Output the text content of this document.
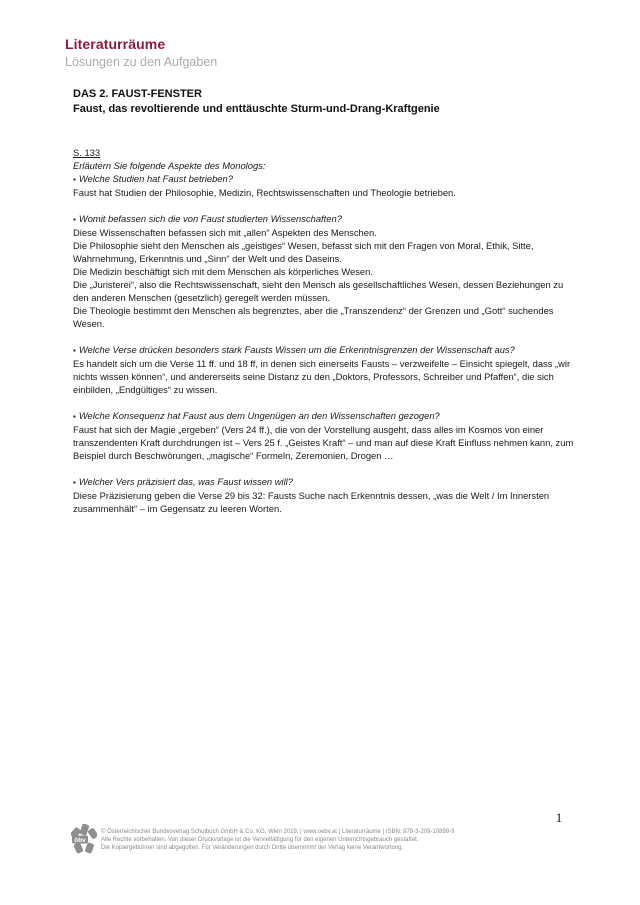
Literaturräume
Lösungen zu den Aufgaben
DAS 2. FAUST-FENSTER
Faust, das revoltierende und enttäuschte Sturm-und-Drang-Kraftgenie
S. 133
Erläutern Sie folgende Aspekte des Monologs:
▪ Welche Studien hat Faust betrieben?
Faust hat Studien der Philosophie, Medizin, Rechtswissenschaften und Theologie betrieben.
▪ Womit befassen sich die von Faust studierten Wissenschaften?
Diese Wissenschaften befassen sich mit „allen“ Aspekten des Menschen.
Die Philosophie sieht den Menschen als „geistiges“ Wesen, befasst sich mit den Fragen von Moral, Ethik, Sitte, Wahrnehmung, Erkenntnis und „Sinn“ der Welt und des Daseins.
Die Medizin beschäftigt sich mit dem Menschen als körperliches Wesen.
Die „Juristerei“, also die Rechtswissenschaft, sieht den Mensch als gesellschaftliches Wesen, dessen Beziehungen zu den anderen Menschen (gesetzlich) geregelt werden müssen.
Die Theologie bestimmt den Menschen als begrenztes, aber die „Transzendenz“ der Grenzen und „Gott“ suchendes Wesen.
▪ Welche Verse drücken besonders stark Fausts Wissen um die Erkenntnisgrenzen der Wissenschaft aus?
Es handelt sich um die Verse 11 ff. und 18 ff, in denen sich einerseits Fausts – verzweifelte – Einsicht spiegelt, dass „wir nichts wissen können“, und andererseits seine Distanz zu den „Doktors, Professors, Schreiber und Pfaffen“, die sich einbilden, „Endgültiges“ zu wissen.
▪ Welche Konsequenz hat Faust aus dem Ungenügen an den Wissenschaften gezogen?
Faust hat sich der Magie „ergeben“ (Vers 24 ff.), die von der Vorstellung ausgeht, dass alles im Kosmos von einer transzendenten Kraft durchdrungen ist – Vers 25 f. „Geistes Kraft“ – und man auf diese Kraft Einfluss nehmen kann, zum Beispiel durch Beschwörungen, „magische“ Formeln, Zeremonien, Drogen …
▪ Welcher Vers präzisiert das, was Faust wissen will?
Diese Präzisierung geben die Verse 29 bis 32: Fausts Suche nach Erkenntnis dessen, „was die Welt / Im Innersten zusammenhält“ – im Gegensatz zu leeren Worten.
öbv
© Österreichischer Bundesverlag Schulbuch GmbH & Co. KG, Wien 2019. | www.oebv.at | Literaturräume | ISBN: 978-3-209-10899-9
Alle Rechte vorbehalten. Von dieser Druckvorlage ist die Vervielfältigung für den eigenen Unterrichtsgebrauch gestattet.
Die Kopiergebühren sind abgegolten. Für Veränderungen durch Dritte übernimmt der Verlag keine Verantwortung.
1
